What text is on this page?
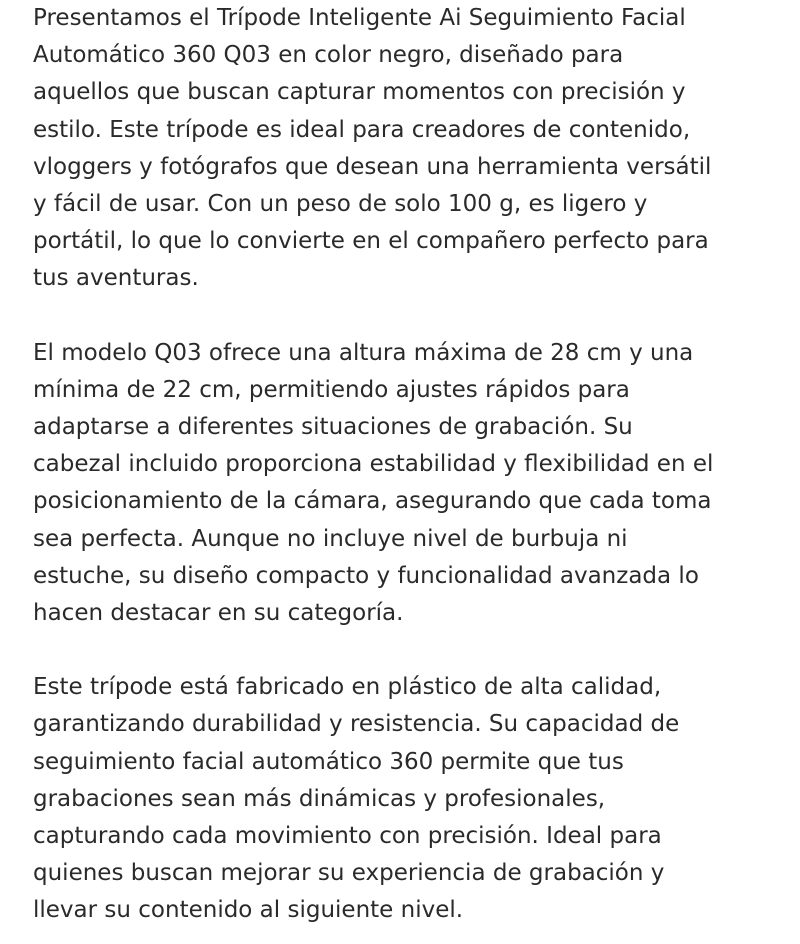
Presentamos el Trípode Inteligente Ai Seguimiento Facial
Automático 360 Q03 en color negro, diseñado para
aquellos que buscan capturar momentos con precisión y
estilo. Este trípode es ideal para creadores de contenido,
vloggers y fotógrafos que desean una herramienta versátil
y fácil de usar. Con un peso de solo 100 g, es ligero y
portátil, lo que lo convierte en el compañero perfecto para
tus aventuras.

El modelo Q03 ofrece una altura máxima de 28 cm y una
mínima de 22 cm, permitiendo ajustes rápidos para
adaptarse a diferentes situaciones de grabación. Su
cabezal incluido proporciona estabilidad y flexibilidad en el
posicionamiento de la cámara, asegurando que cada toma
sea perfecta. Aunque no incluye nivel de burbuja ni
estuche, su diseño compacto y funcionalidad avanzada lo
hacen destacar en su categoría.

Este trípode está fabricado en plástico de alta calidad,
garantizando durabilidad y resistencia. Su capacidad de
seguimiento facial automático 360 permite que tus
grabaciones sean más dinámicas y profesionales,
capturando cada movimiento con precisión. Ideal para
quienes buscan mejorar su experiencia de grabación y
llevar su contenido al siguiente nivel.
